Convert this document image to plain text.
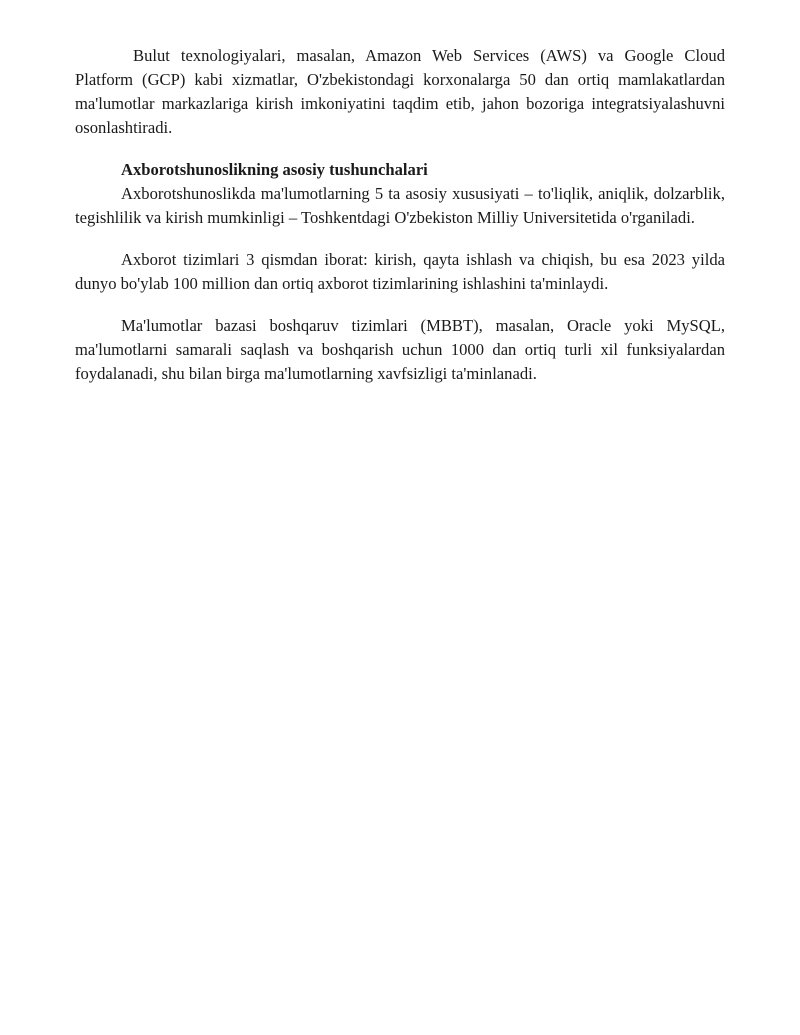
Bulut texnologiyalari, masalan, Amazon Web Services (AWS) va Google Cloud Platform (GCP) kabi xizmatlar, O'zbekistondagi korxonalarga 50 dan ortiq mamlakatlardan ma'lumotlar markazlariga kirish imkoniyatini taqdim etib, jahon bozoriga integratsiyalashuvni osonlashtiradi.

Axborotshunoslikning asosiy tushunchalari

Axborotshunoslikda ma'lumotlarning 5 ta asosiy xususiyati – to'liqlik, aniqlik, dolzarblik, tegishlilik va kirish mumkinligi – Toshkentdagi O'zbekiston Milliy Universitetida o'rganiladi.

Axborot tizimlari 3 qismdan iborat: kirish, qayta ishlash va chiqish, bu esa 2023 yilda dunyo bo'ylab 100 million dan ortiq axborot tizimlarining ishlashini ta'minlaydi.

Ma'lumotlar bazasi boshqaruv tizimlari (MBBT), masalan, Oracle yoki MySQL, ma'lumotlarni samarali saqlash va boshqarish uchun 1000 dan ortiq turli xil funksiyalardan foydalanadi, shu bilan birga ma'lumotlarning xavfsizligi ta'minlanadi.
